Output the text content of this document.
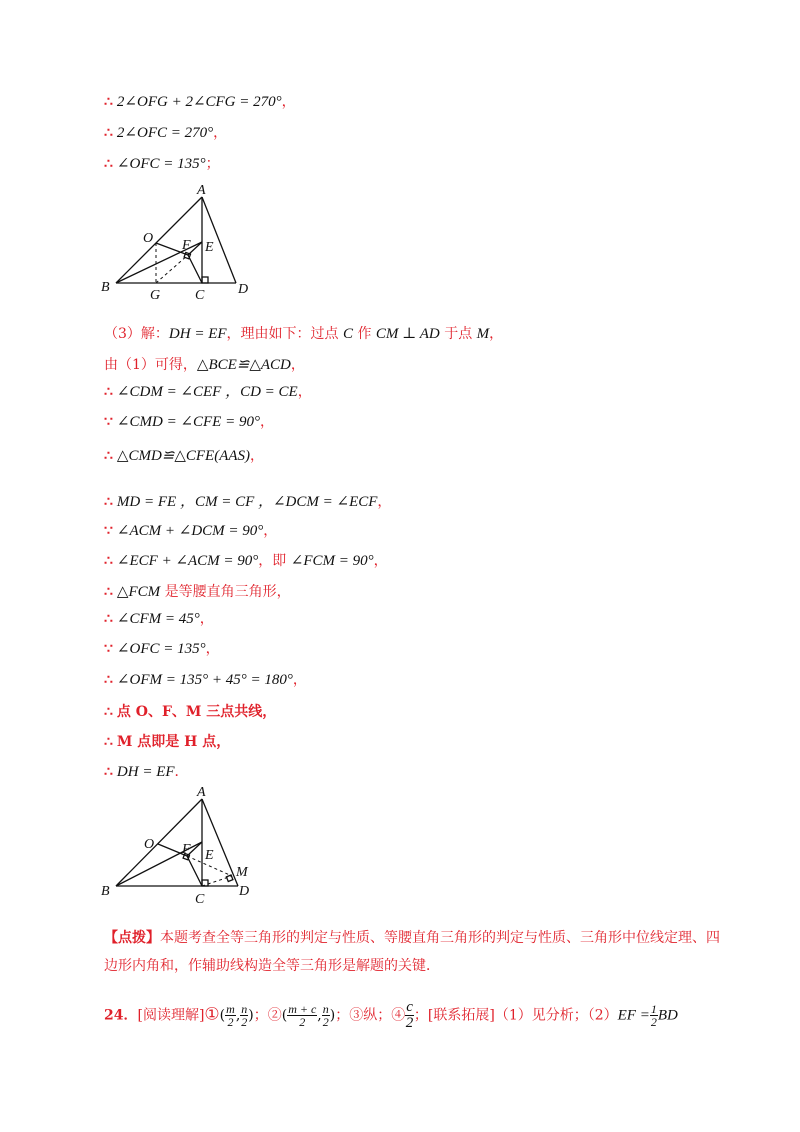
∴ 2∠OFG + 2∠CFG = 270°，
∴ 2∠OFC = 270°，
∴ ∠OFC = 135°；
A
O F E
B
G C D
（3）解：DH = EF，理由如下：过点 C 作 CM ⊥ AD 于点 M，
由（1）可得，△BCE≌△ACD，
∴ ∠CDM = ∠CEF ，CD = CE，
∵ ∠CMD = ∠CFE = 90°，
∴ △CMD≌△CFE(AAS)，
∴ MD = FE ，CM = CF ，∠DCM = ∠ECF，
∵ ∠ACM + ∠DCM = 90°，
∴ ∠ECF + ∠ACM = 90°，即 ∠FCM = 90°，
∴ △FCM 是等腰直角三角形，
∴ ∠CFM = 45°，
∵ ∠OFC = 135°，
∴ ∠OFM = 135° + 45° = 180°，
∴ 点 O、F、M 三点共线，
∴ M 点即是 H 点，
∴ DH = EF．
A
O F E
M
B
C
D
【点拨】本题考查全等三角形的判定与性质、等腰直角三角形的判定与性质、三角形中位线定理、四边形内角和，作辅助线构造全等三角形是解题的关键．
24．[阅读理解]①( $\frac{m}{2}$ , $\frac{n}{2}$ )；②( $\frac{m + c}{2}$ , $\frac{n}{2}$ )；③纵；④ $\frac{c}{2}$ ；[联系拓展]（1）见分析；$(2)EF = \frac{1}{2}$ BD
